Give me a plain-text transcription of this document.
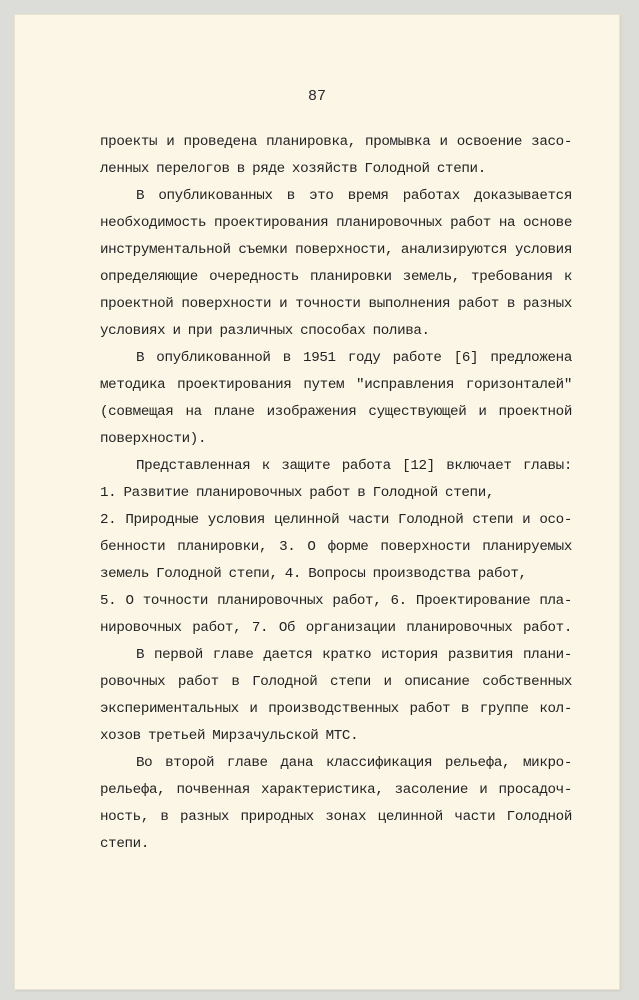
87
проекты и проведена планировка, промывка и освоение засо-
ленных перелогов в ряде хозяйств Голодной степи.
В опубликованных в это время работах доказывается
необходимость проектирования планировочных работ на основе
инструментальной съемки поверхности, анализируются условия
определяющие очередность планировки земель, требования к
проектной поверхности и точности выполнения работ в разных
условиях и при различных способах полива.
В опубликованной в 1951 году работе [6] предложена
методика проектирования путем "исправления горизонталей"
(совмещая на плане изображения существующей и проектной
поверхности).
Представленная к защите работа [12] включает главы:
1. Развитие планировочных работ в Голодной степи,
2. Природные условия целинной части Голодной степи и осо-
бенности планировки, 3. О форме поверхности планируемых
земель Голодной степи, 4. Вопросы производства работ,
5. О точности планировочных работ, 6. Проектирование пла-
нировочных работ, 7. Об организации планировочных работ.
В первой главе дается кратко история развития плани-
ровочных работ в Голодной степи и описание собственных
экспериментальных и производственных работ в группе кол-
хозов третьей Мирзачульской МТС.
Во второй главе дана классификация рельефа, микро-
рельефа, почвенная характеристика, засоление и просадоч-
ность, в разных природных зонах целинной части Голодной
степи.
